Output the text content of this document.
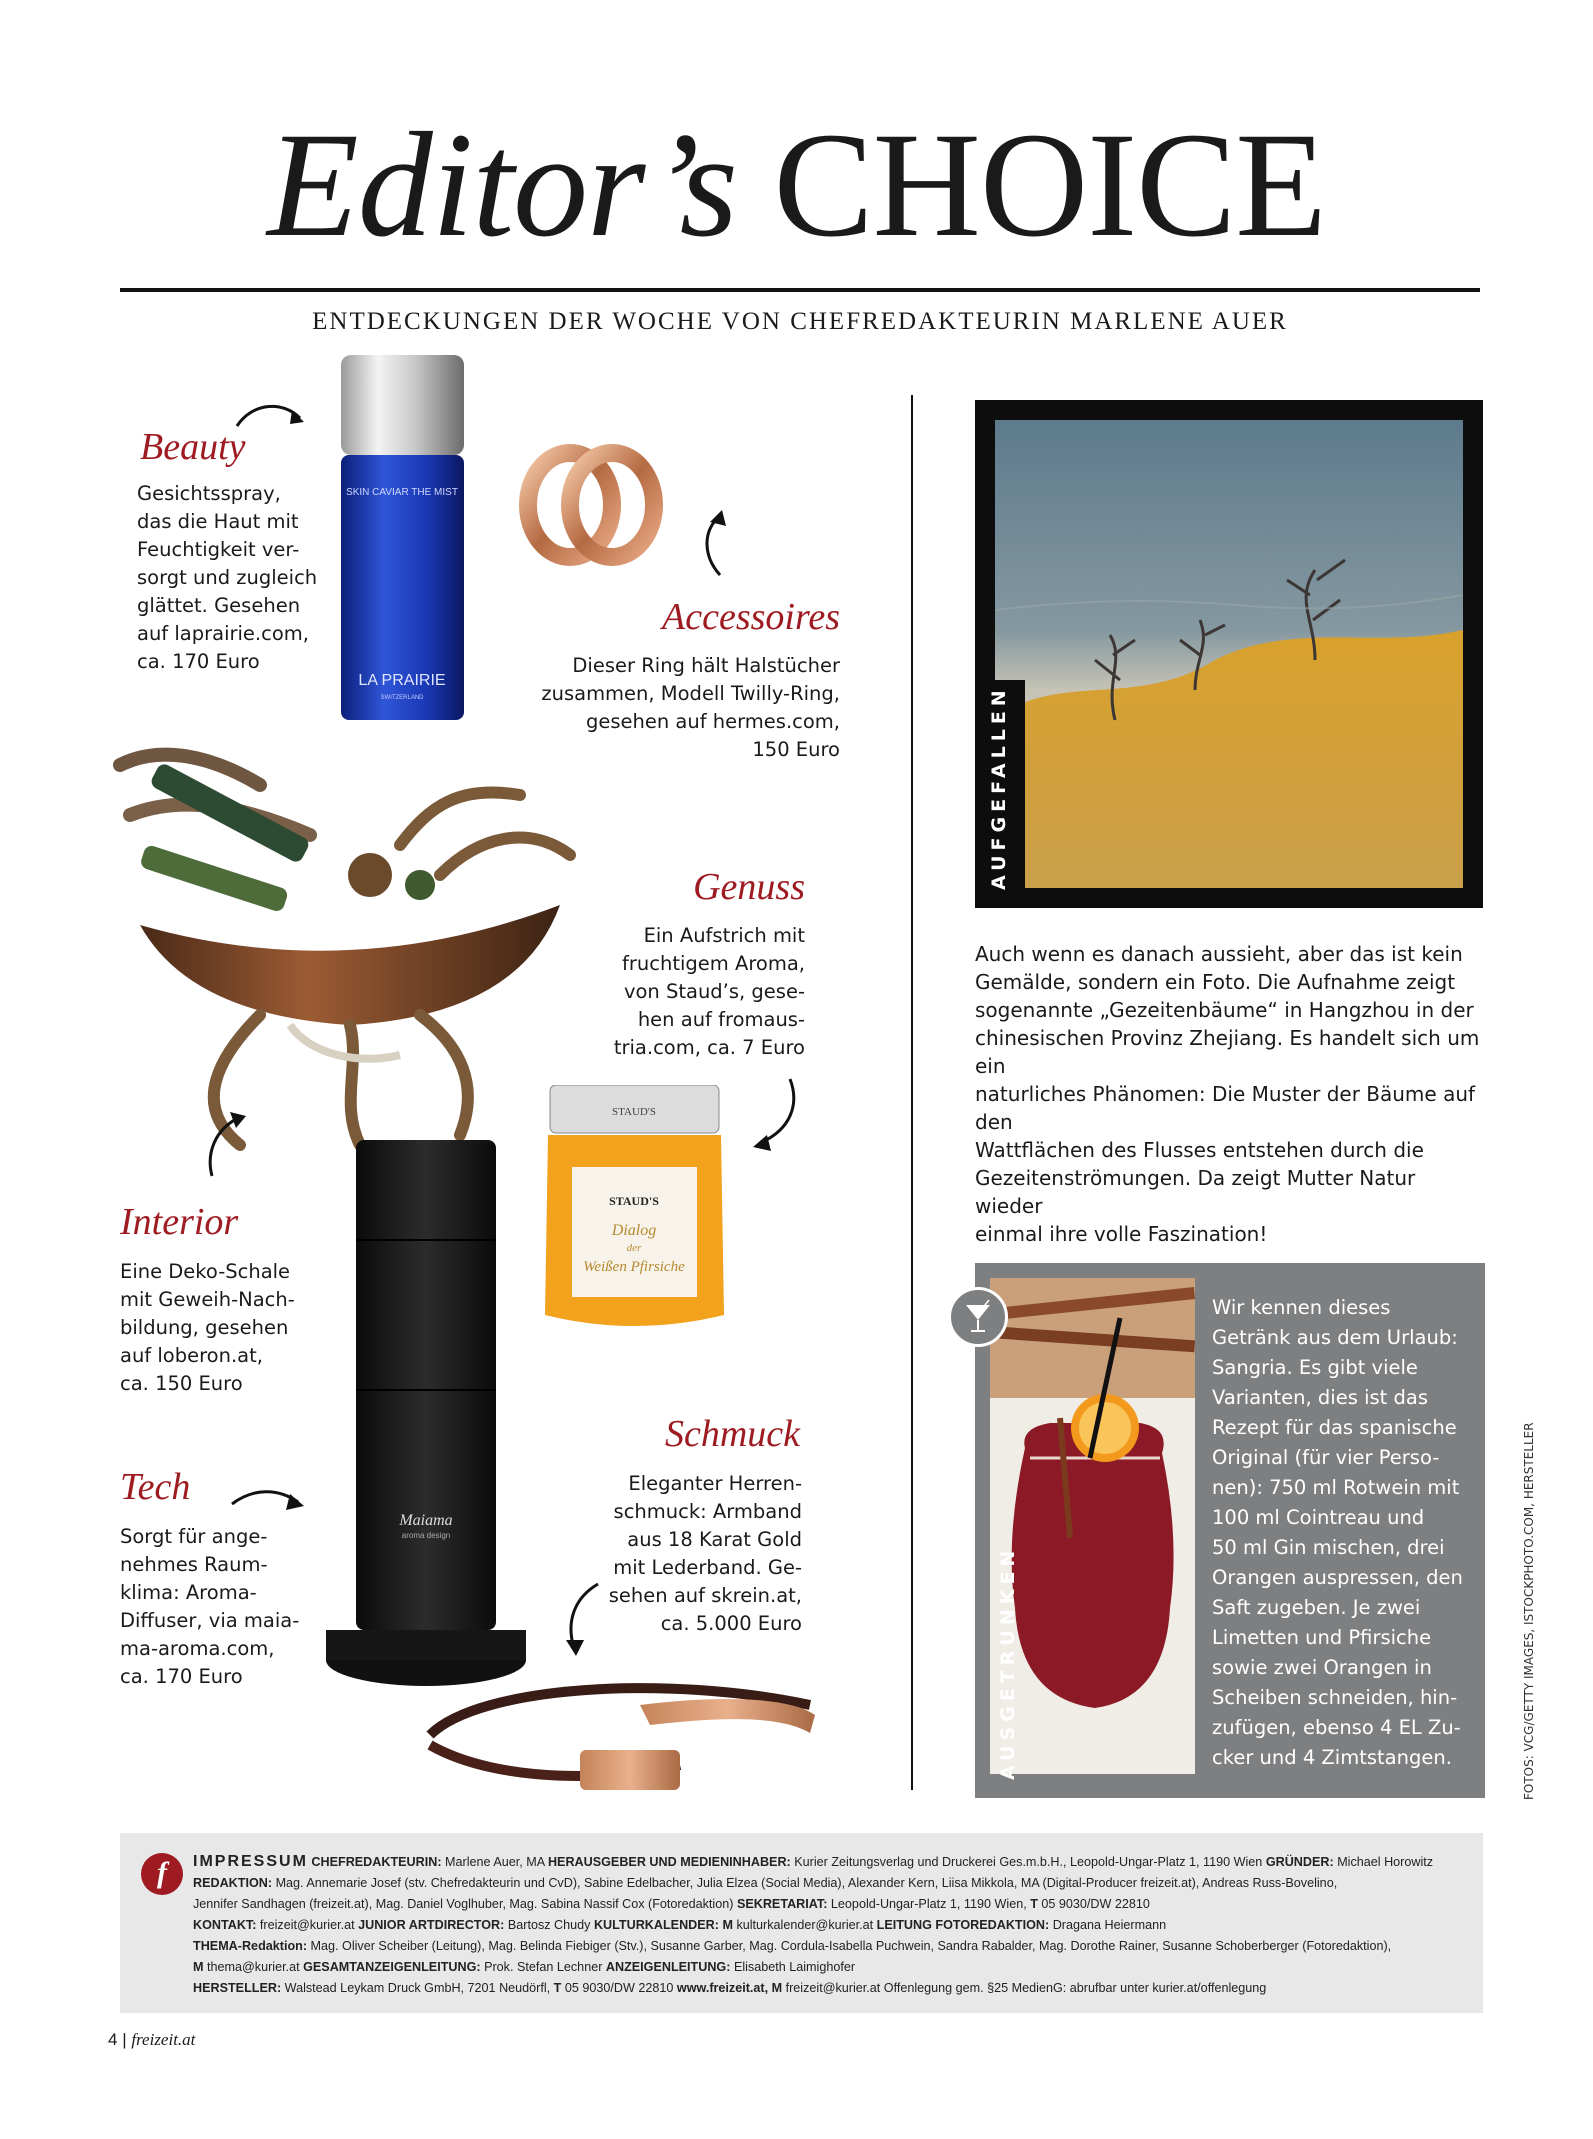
Editor’s CHOICE
ENTDECKUNGEN DER WOCHE VON CHEFREDAKTEURIN MARLENE AUER
Beauty
Gesichtsspray,
das die Haut mit
Feuchtigkeit ver-
sorgt und zugleich
glättet. Gesehen
auf laprairie.com,
ca. 170 Euro
SKIN CAVIAR THE MIST
LA PRAIRIE
SWITZERLAND
Accessoires
Dieser Ring hält Halstücher
zusammen, Modell Twilly-Ring,
gesehen auf hermes.com,
150 Euro
Interior
Eine Deko-Schale
mit Geweih-Nach-
bildung, gesehen
auf loberon.at,
ca. 150 Euro
Genuss
Ein Aufstrich mit
fruchtigem Aroma,
von Staud’s, gese-
hen auf fromaus-
tria.com, ca. 7 Euro
STAUD'S
STAUD'S
Dialog
der
Weißen Pfirsiche
Tech
Sorgt für ange-
nehmes Raum-
klima: Aroma-
Diffuser, via maia-
ma-aroma.com,
ca. 170 Euro
Maiama
aroma design
Schmuck
Eleganter Herren-
schmuck: Armband
aus 18 Karat Gold
mit Lederband. Ge-
sehen auf skrein.at,
ca. 5.000 Euro
AUFGEFALLEN
Auch wenn es danach aussieht, aber das ist kein
Gemälde, sondern ein Foto. Die Aufnahme zeigt
sogenannte „Gezeitenbäume“ in Hangzhou in der
chinesischen Provinz Zhejiang. Es handelt sich um ein
naturliches Phänomen: Die Muster der Bäume auf den
Wattflächen des Flusses entstehen durch die
Gezeitenströmungen. Da zeigt Mutter Natur wieder
einmal ihre volle Faszination!
AUSGETRUNKEN
Wir kennen dieses
Getränk aus dem Urlaub:
Sangria. Es gibt viele
Varianten, dies ist das
Rezept für das spanische
Original (für vier Perso-
nen): 750 ml Rotwein mit
100 ml Cointreau und
50 ml Gin mischen, drei
Orangen auspressen, den
Saft zugeben. Je zwei
Limetten und Pfirsiche
sowie zwei Orangen in
Scheiben schneiden, hin-
zufügen, ebenso 4 EL Zu-
cker und 4 Zimtstangen.	FOTOS: VCG/GETTY IMAGES, ISTOCKPHOTO.COM, HERSTELLER
f	IMPRESSUM CHEFREDAKTEURIN: Marlene Auer, MA HERAUSGEBER UND MEDIENINHABER: Kurier Zeitungsverlag und Druckerei Ges.m.b.H., Leopold-Ungar-Platz 1, 1190 Wien GRÜNDER: Michael Horowitz
REDAKTION: Mag. Annemarie Josef (stv. Chefredakteurin und CvD), Sabine Edelbacher, Julia Elzea (Social Media), Alexander Kern, Liisa Mikkola, MA (Digital-Producer freizeit.at), Andreas Russ-Bovelino,
Jennifer Sandhagen (freizeit.at), Mag. Daniel Voglhuber, Mag. Sabina Nassif Cox (Fotoredaktion) SEKRETARIAT: Leopold-Ungar-Platz 1, 1190 Wien, T 05 9030/DW 22810
KONTAKT: freizeit@kurier.at JUNIOR ARTDIRECTOR: Bartosz Chudy KULTURKALENDER: M kulturkalender@kurier.at LEITUNG FOTOREDAKTION: Dragana Heiermann
THEMA-Redaktion: Mag. Oliver Scheiber (Leitung), Mag. Belinda Fiebiger (Stv.), Susanne Garber, Mag. Cordula-Isabella Puchwein, Sandra Rabalder, Mag. Dorothe Rainer, Susanne Schoberberger (Fotoredaktion),
M thema@kurier.at GESAMTANZEIGENLEITUNG: Prok. Stefan Lechner ANZEIGENLEITUNG: Elisabeth Laimighofer
HERSTELLER: Walstead Leykam Druck GmbH, 7201 Neudörfl, T 05 9030/DW 22810 www.freizeit.at, M freizeit@kurier.at Offenlegung gem. §25 MedienG: abrufbar unter kurier.at/offenlegung
4 | freizeit.at
